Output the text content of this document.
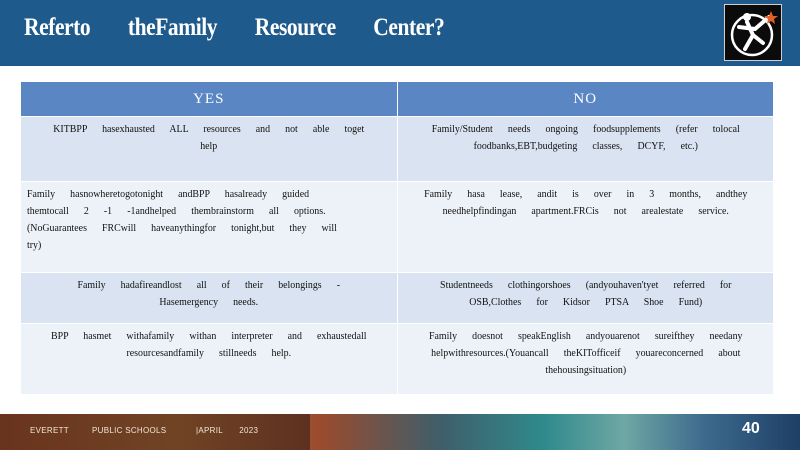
Referto theFamily Resource Center?
YES	NO

KITBPP hasexhausted ALL resources and not able toget help	Family/Student needs ongoing foodsupplements (refer tolocal foodbanks,EBT,budgeting classes, DCYF, etc.)

Family hasnowheretogotonight andBPP hasalready guided themtocall 2 -1 -1andhelped thembrainstorm all options.(NoGuarantees FRCwill haveanythingfor tonight,but they will try)	Family hasa lease, andit is over in 3 months, andthey needhelpfindingan apartment.FRCis not arealestate service.

Family hadafireandlost all of their belongings - Hasemergency needs.	Studentneeds clothingorshoes (andyouhaven'tyet referred for OSB,Clothes for Kidsor PTSA Shoe Fund)

BPP hasmet withafamily withan interpreter and exhaustedall resourcesandfamily stillneeds help.	Family doesnot speakEnglish andyouarenot sureifthey needany helpwithresources.(Youancall theKITofficeif youareconcerned about thehousingsituation)
EVERETT	PUBLIC SCHOOLS	|APRIL 2023	40
